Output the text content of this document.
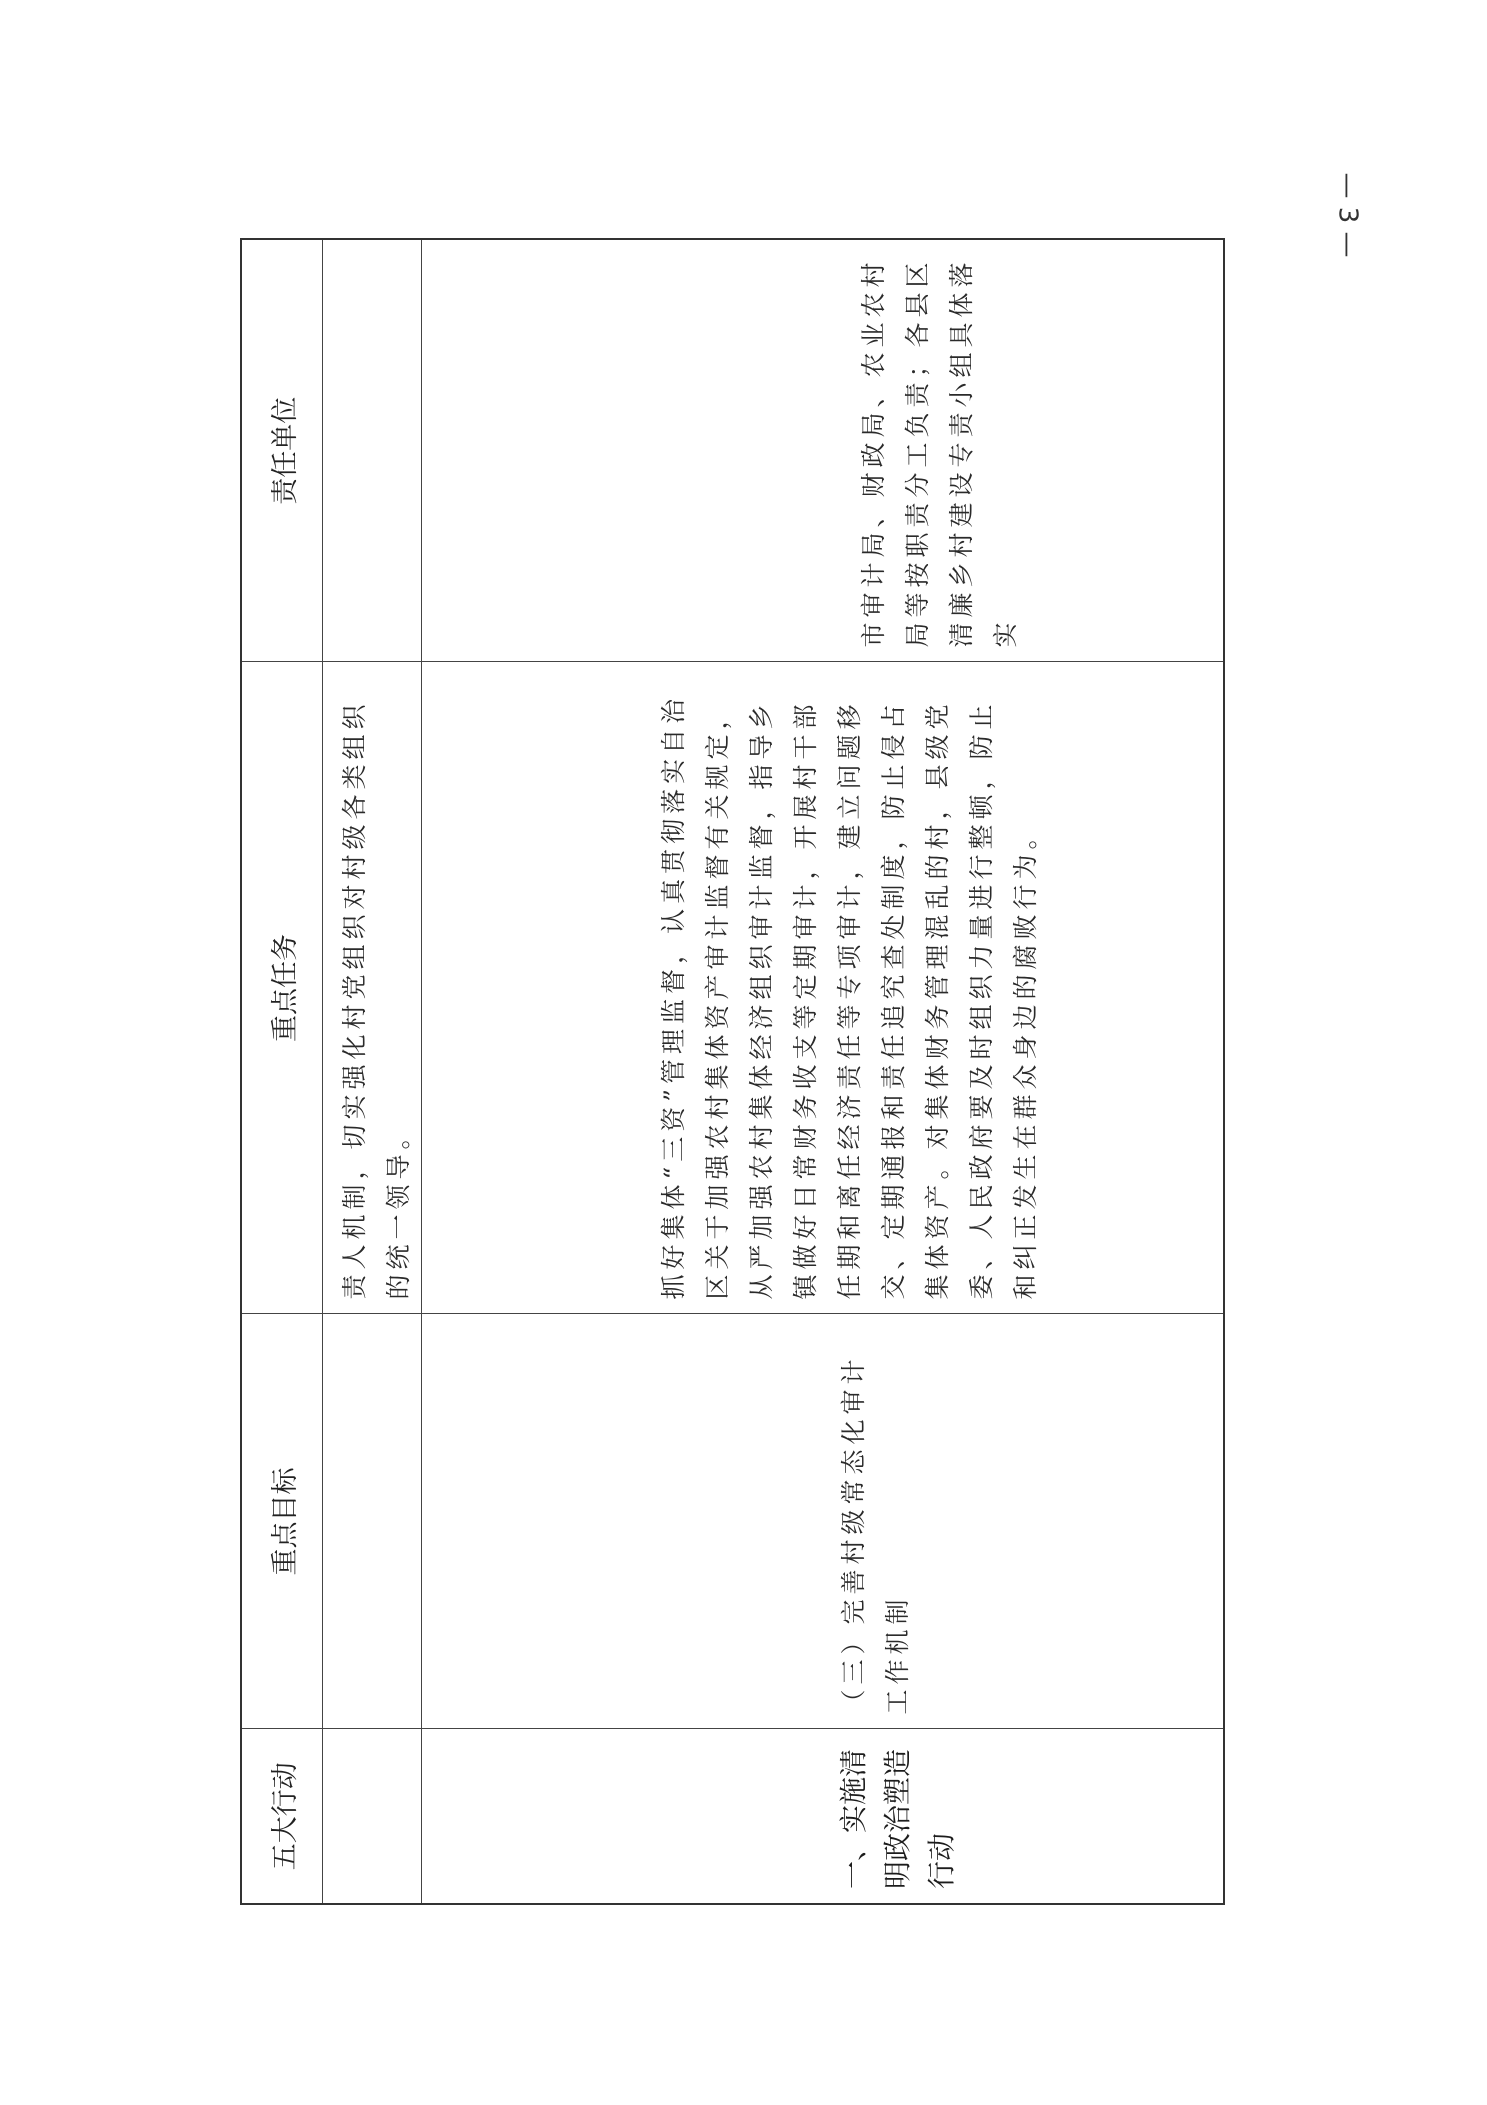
— 3 —
五大行动	重点目标	重点任务	责任单位

		责人机制，切实强化村党组织对村级各类组织的统一领导。	

一、实施清明政治塑造行动	（三）完善村级常态化审计工作机制	抓好集体“三资”管理监督，认真贯彻落实自治区关于加强农村集体资产审计监督有关规定，从严加强农村集体经济组织审计监督，指导乡镇做好日常财务收支等定期审计，开展村干部任期和离任经济责任等专项审计，建立问题移交、定期通报和责任追究查处制度，防止侵占集体资产。对集体财务管理混乱的村，县级党委、人民政府要及时组织力量进行整顿，防止和纠正发生在群众身边的腐败行为。	市审计局、财政局、农业农村局等按职责分工负责；各县区清廉乡村建设专责小组具体落实
